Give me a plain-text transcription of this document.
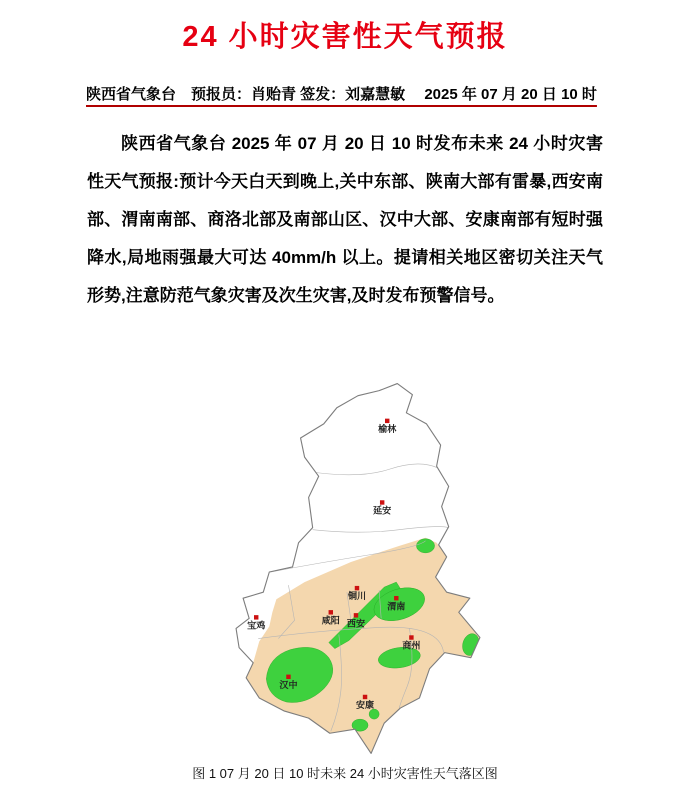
24 小时灾害性天气预报
陕西省气象台　预报员：肖贻青 签发：刘嘉慧敏　 2025 年 07 月 20 日 10 时

陕西省气象台 2025 年 07 月 20 日 10 时发布未来 24 小时灾害性天气预报:预计今天白天到晚上,关中东部、陕南大部有雷暴,西安南部、渭南南部、商洛北部及南部山区、汉中大部、安康南部有短时强降水,局地雨强最大可达 40mm/h 以上。提请相关地区密切关注天气形势,注意防范气象灾害及次生灾害,及时发布预警信号。

榆林
延安
铜川
渭南
宝鸡
咸阳 西安
商州
汉中
安康
图 1 07 月 20 日 10 时未来 24 小时灾害性天气落区图
